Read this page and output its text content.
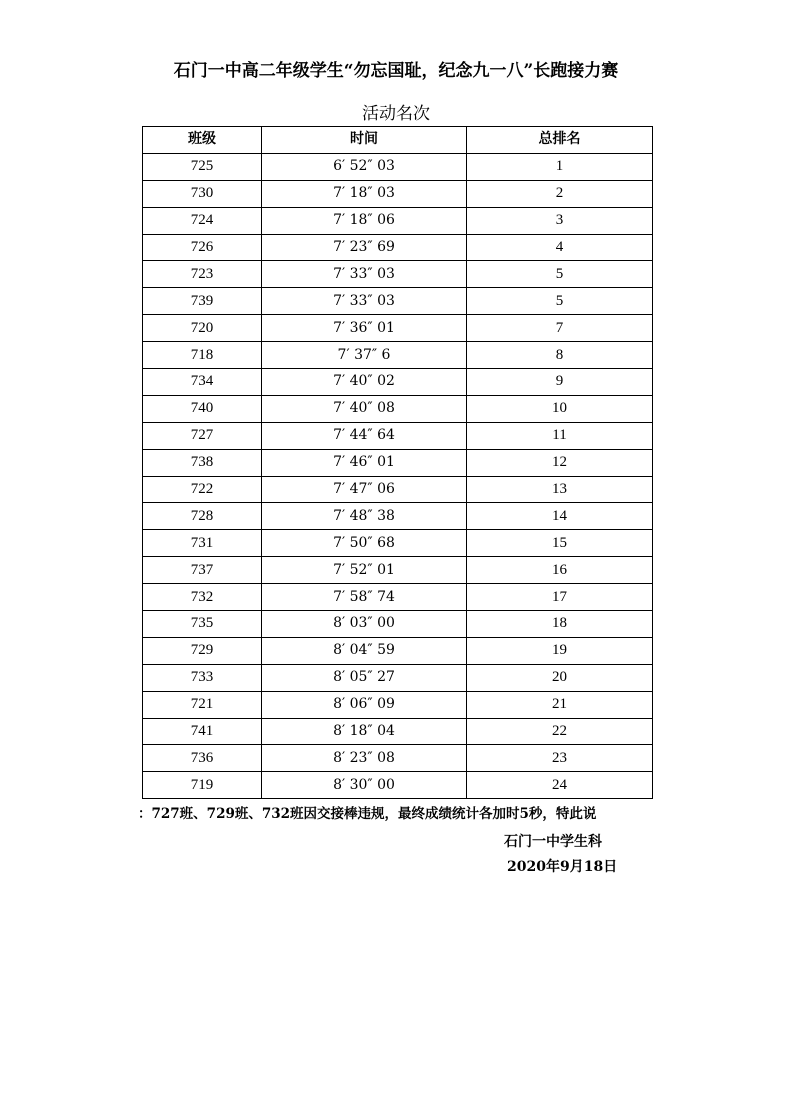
石门一中高二年级学生“勿忘国耻，纪念九一八”长跑接力赛
活动名次
班级	时间	总排名
725	6′ 52″ 03	1
730	7′ 18″ 03	2
724	7′ 18″ 06	3
726	7′ 23″ 69	4
723	7′ 33″ 03	5
739	7′ 33″ 03	5
720	7′ 36″ 01	7
718	7′ 37″ 6	8
734	7′ 40″ 02	9
740	7′ 40″ 08	10
727	7′ 44″ 64	11
738	7′ 46″ 01	12
722	7′ 47″ 06	13
728	7′ 48″ 38	14
731	7′ 50″ 68	15
737	7′ 52″ 01	16
732	7′ 58″ 74	17
735	8′ 03″ 00	18
729	8′ 04″ 59	19
733	8′ 05″ 27	20
721	8′ 06″ 09	21
741	8′ 18″ 04	22
736	8′ 23″ 08	23
719	8′ 30″ 00	24
：727班、729班、732班因交接棒违规，最终成绩统计各加时5秒，特此说
石门一中学生科
2020年9月18日
